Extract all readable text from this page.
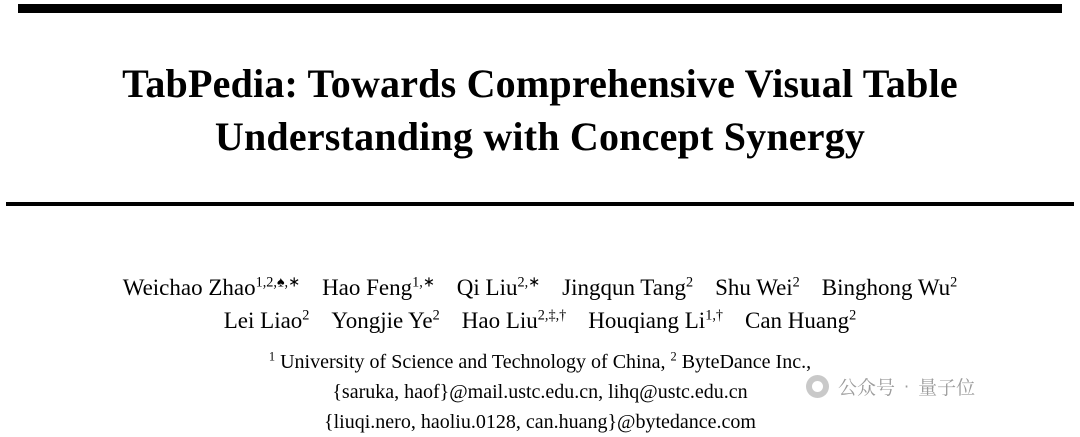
TabPedia: Towards Comprehensive Visual Table
Understanding with Concept Synergy
Weichao Zhao$^{1,2,♠,∗}$ Hao Feng$^{1,∗}$ Qi Liu$^{2,∗}$ Jingqun Tang$^2$ Shu Wei$^2$ Binghong Wu$^2$
Lei Liao$^2$ Yongjie Ye$^2$ Hao Liu$^{2,\ddagger,\dagger}$ Houqiang $Li^{1,\dagger}$ Can Huang$^2$
$^1$ University of Science and Technology of China, $^2$ ByteDance Inc.,
{saruka, haof}@mail.ustc.edu.cn, lihq@ustc.edu.cn
{liuqi.nero, haoliu.0128, can.huang}@bytedance.com
公众号 · 量子位
